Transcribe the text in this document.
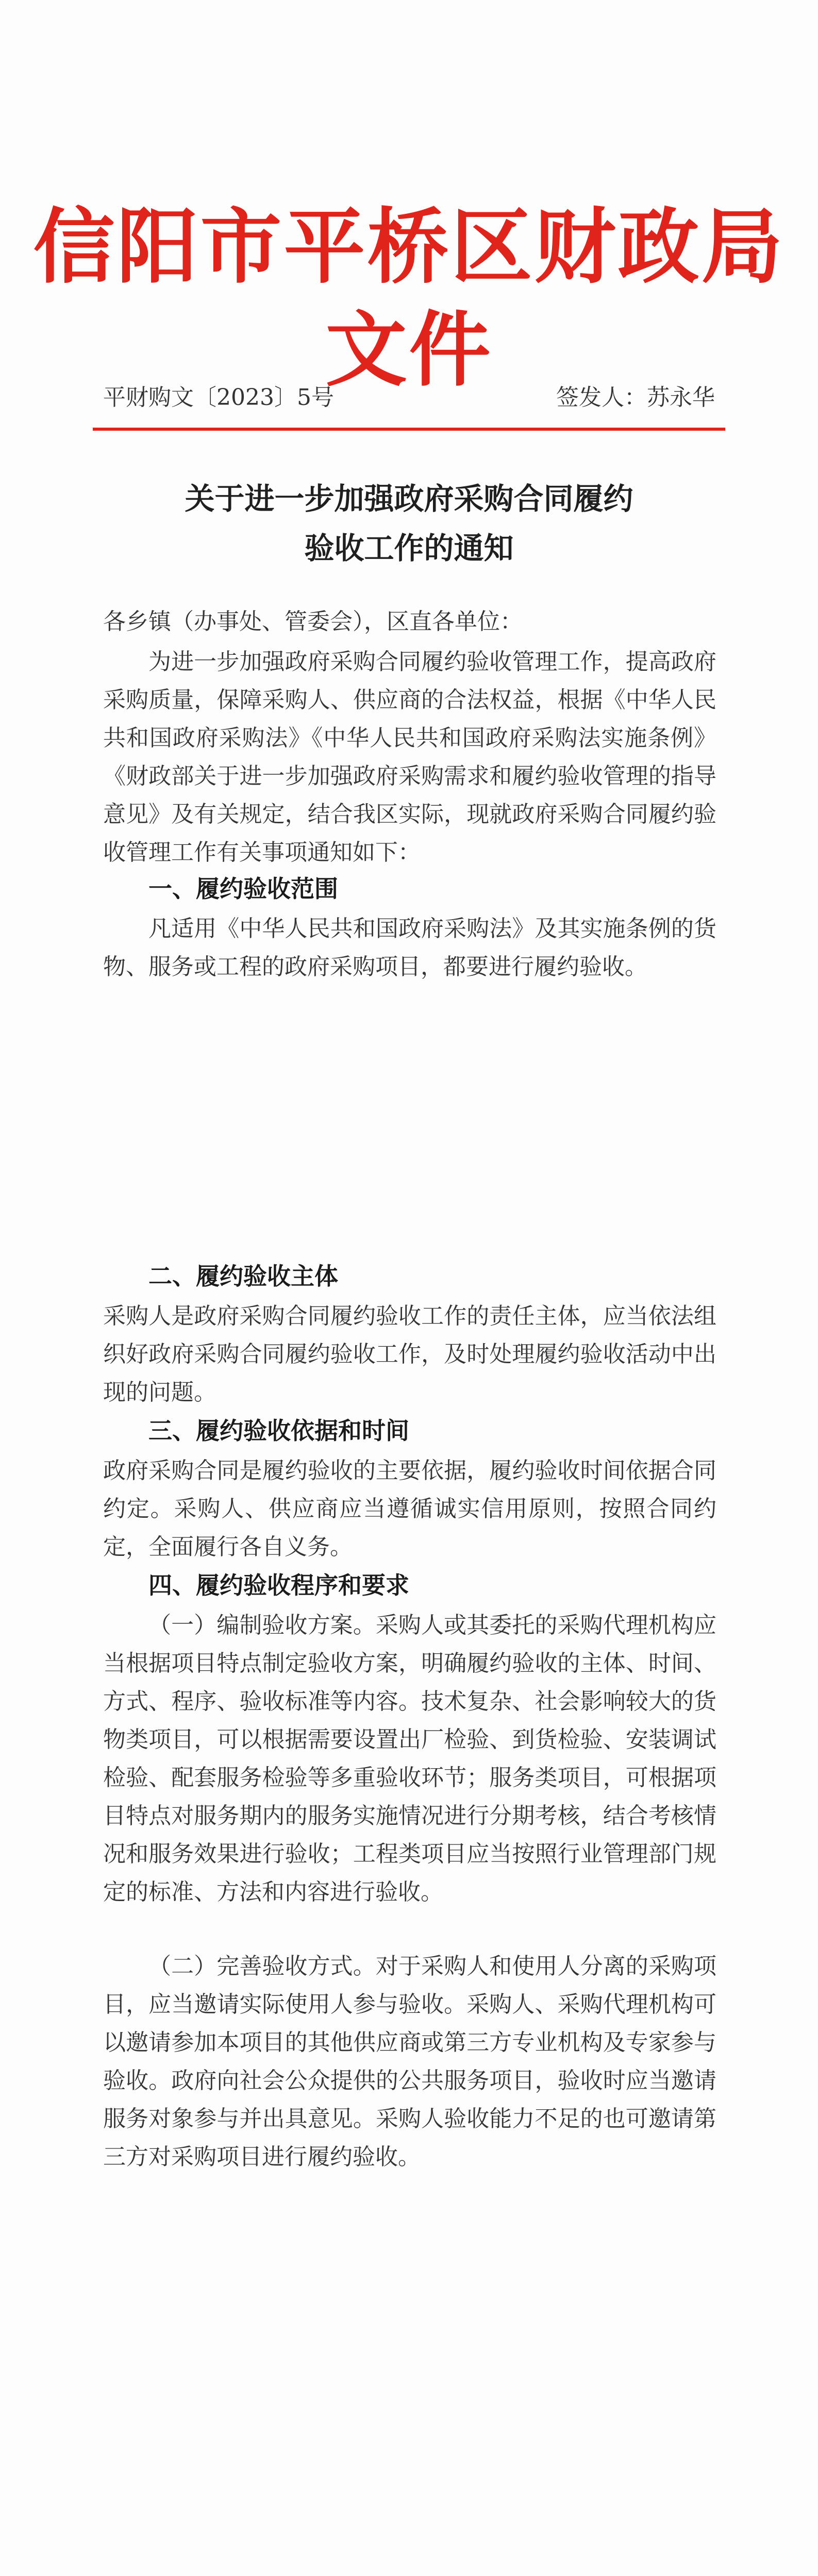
信阳市平桥区财政局文件
平财购文〔2023〕5号	签发人：苏永华
关于进一步加强政府采购合同履约
验收工作的通知

各乡镇（办事处、管委会），区直各单位：

为进一步加强政府采购合同履约验收管理工作，提高政府采购质量，保障采购人、供应商的合法权益，根据《中华人民共和国政府采购法》《中华人民共和国政府采购法实施条例》《财政部关于进一步加强政府采购需求和履约验收管理的指导意见》及有关规定，结合我区实际，现就政府采购合同履约验收管理工作有关事项通知如下：

一、履约验收范围

凡适用《中华人民共和国政府采购法》及其实施条例的货物、服务或工程的政府采购项目，都要进行履约验收。

二、履约验收主体

采购人是政府采购合同履约验收工作的责任主体，应当依法组织好政府采购合同履约验收工作，及时处理履约验收活动中出现的问题。

三、履约验收依据和时间

政府采购合同是履约验收的主要依据，履约验收时间依据合同约定。采购人、供应商应当遵循诚实信用原则，按照合同约定，全面履行各自义务。

四、履约验收程序和要求

（一）编制验收方案。采购人或其委托的采购代理机构应当根据项目特点制定验收方案，明确履约验收的主体、时间、方式、程序、验收标准等内容。技术复杂、社会影响较大的货物类项目，可以根据需要设置出厂检验、到货检验、安装调试检验、配套服务检验等多重验收环节；服务类项目，可根据项目特点对服务期内的服务实施情况进行分期考核，结合考核情况和服务效果进行验收；工程类项目应当按照行业管理部门规定的标准、方法和内容进行验收。

（二）完善验收方式。对于采购人和使用人分离的采购项目，应当邀请实际使用人参与验收。采购人、采购代理机构可以邀请参加本项目的其他供应商或第三方专业机构及专家参与验收。政府向社会公众提供的公共服务项目，验收时应当邀请服务对象参与并出具意见。采购人验收能力不足的也可邀请第三方对采购项目进行履约验收。
